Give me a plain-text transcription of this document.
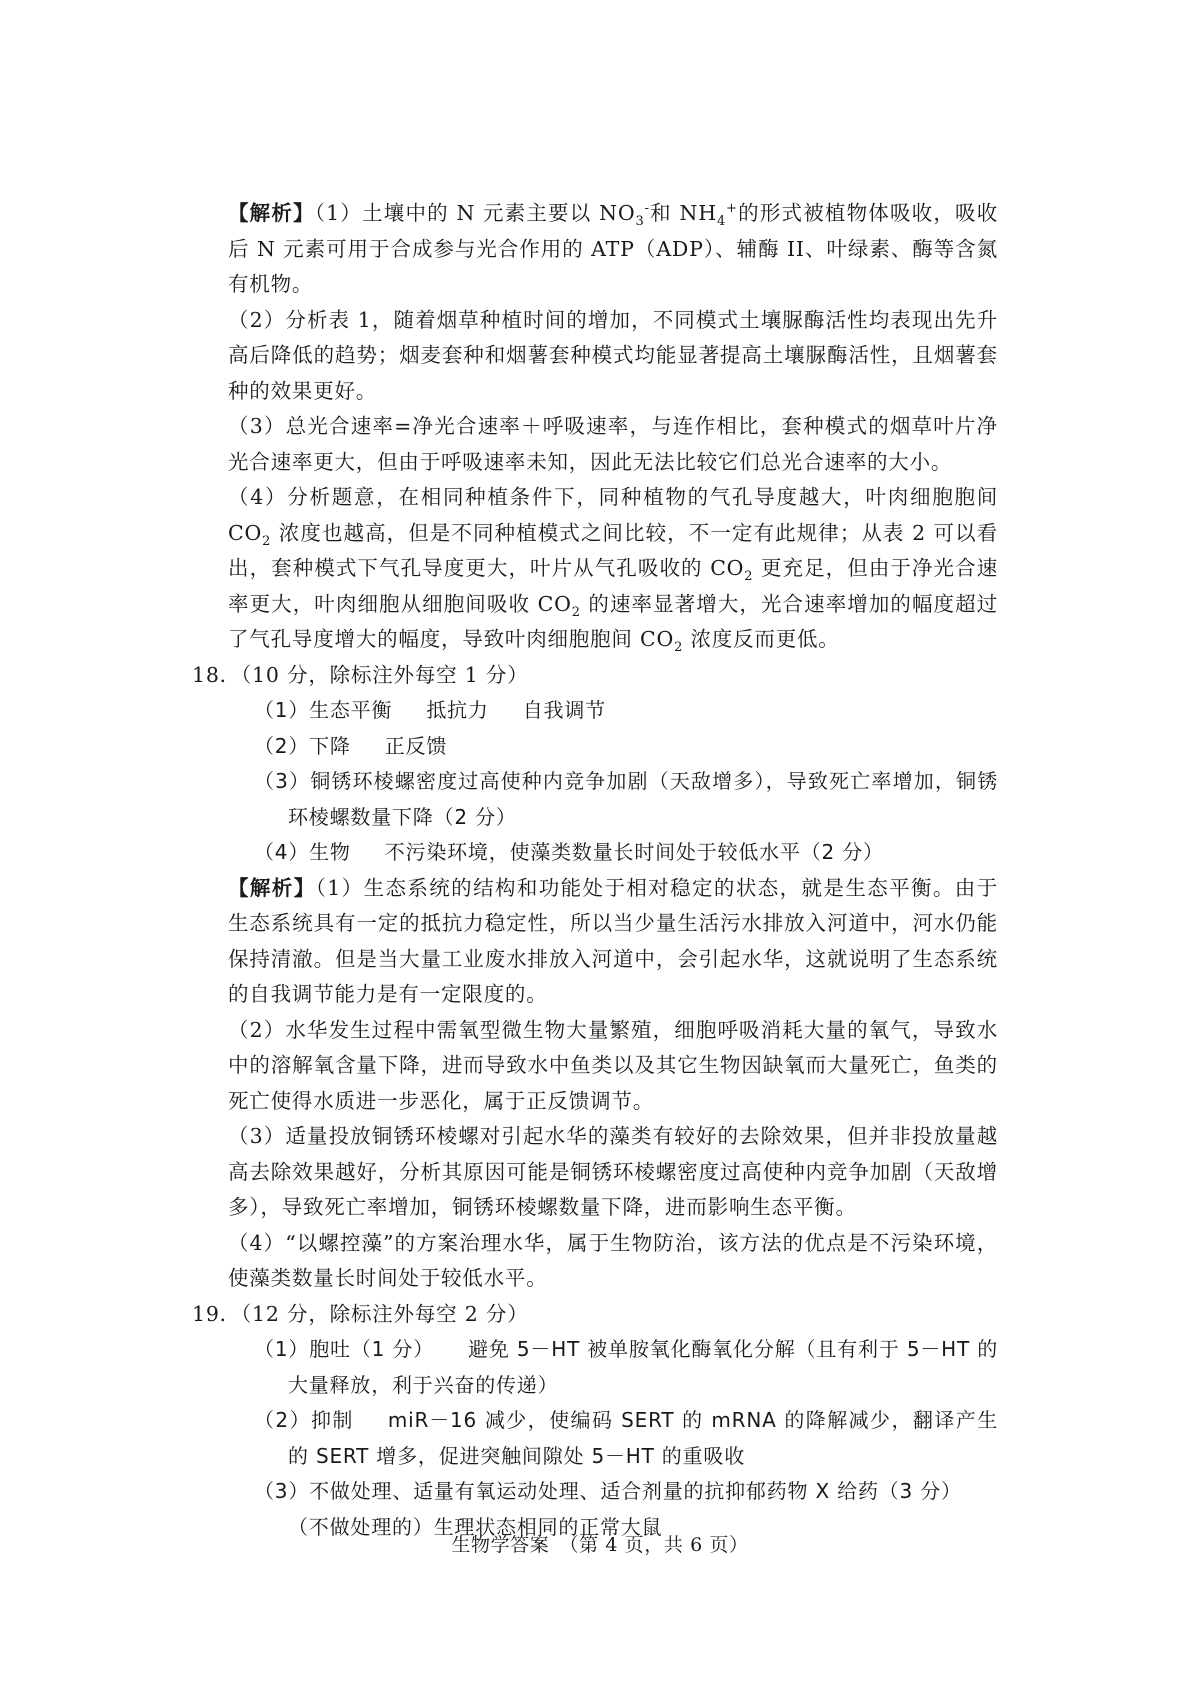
【解析】（1）土壤中的 N 元素主要以 $NO_3^-$和 $NH_4^+$的形式被植物体吸收，吸收后 N 元素可用于合成参与光合作用的 ATP（ADP）、辅酶 II、叶绿素、酶等含氮有机物。
（2）分析表 1，随着烟草种植时间的增加，不同模式土壤脲酶活性均表现出先升高后降低的趋势；烟麦套种和烟薯套种模式均能显著提高土壤脲酶活性，且烟薯套种的效果更好。
（3）总光合速率=净光合速率＋呼吸速率，与连作相比，套种模式的烟草叶片净光合速率更大，但由于呼吸速率未知，因此无法比较它们总光合速率的大小。
（4）分析题意，在相同种植条件下，同种植物的气孔导度越大，叶肉细胞胞间 $CO_2$ 浓度也越高，但是不同种植模式之间比较，不一定有此规律；从表 2 可以看出，套种模式下气孔导度更大，叶片从气孔吸收的 $CO_2$ 更充足，但由于净光合速率更大，叶肉细胞从细胞间吸收 $CO_2$ 的速率显著增大，光合速率增加的幅度超过了气孔导度增大的幅度，导致叶肉细胞胞间 $CO_2$ 浓度反而更低。
18．（10 分，除标注外每空 1 分）
（1）生态平衡 抵抗力 自我调节
（2）下降 正反馈
（3）铜锈环棱螺密度过高使种内竞争加剧（天敌增多），导致死亡率增加，铜锈环棱螺数量下降（2 分）
（4）生物 不污染环境，使藻类数量长时间处于较低水平（2 分）
【解析】（1）生态系统的结构和功能处于相对稳定的状态，就是生态平衡。由于生态系统具有一定的抵抗力稳定性，所以当少量生活污水排放入河道中，河水仍能保持清澈。但是当大量工业废水排放入河道中，会引起水华，这就说明了生态系统的自我调节能力是有一定限度的。
（2）水华发生过程中需氧型微生物大量繁殖，细胞呼吸消耗大量的氧气，导致水中的溶解氧含量下降，进而导致水中鱼类以及其它生物因缺氧而大量死亡，鱼类的死亡使得水质进一步恶化，属于正反馈调节。
（3）适量投放铜锈环棱螺对引起水华的藻类有较好的去除效果，但并非投放量越高去除效果越好，分析其原因可能是铜锈环棱螺密度过高使种内竞争加剧（天敌增多），导致死亡率增加，铜锈环棱螺数量下降，进而影响生态平衡。
（4）“以螺控藻”的方案治理水华，属于生物防治，该方法的优点是不污染环境，使藻类数量长时间处于较低水平。
19．（12 分，除标注外每空 2 分）
（1）胞吐（1 分） 避免 5－HT 被单胺氧化酶氧化分解（且有利于 5－HT 的大量释放，利于兴奋的传递）
（2）抑制 miR－16 减少，使编码 SERT 的 mRNA 的降解减少，翻译产生的 SERT 增多，促进突触间隙处 5－HT 的重吸收
（3）不做处理、适量有氧运动处理、适合剂量的抗抑郁药物 X 给药（3 分）
（不做处理的）生理状态相同的正常大鼠
生物学答案　（第 4 页，共 6 页）
